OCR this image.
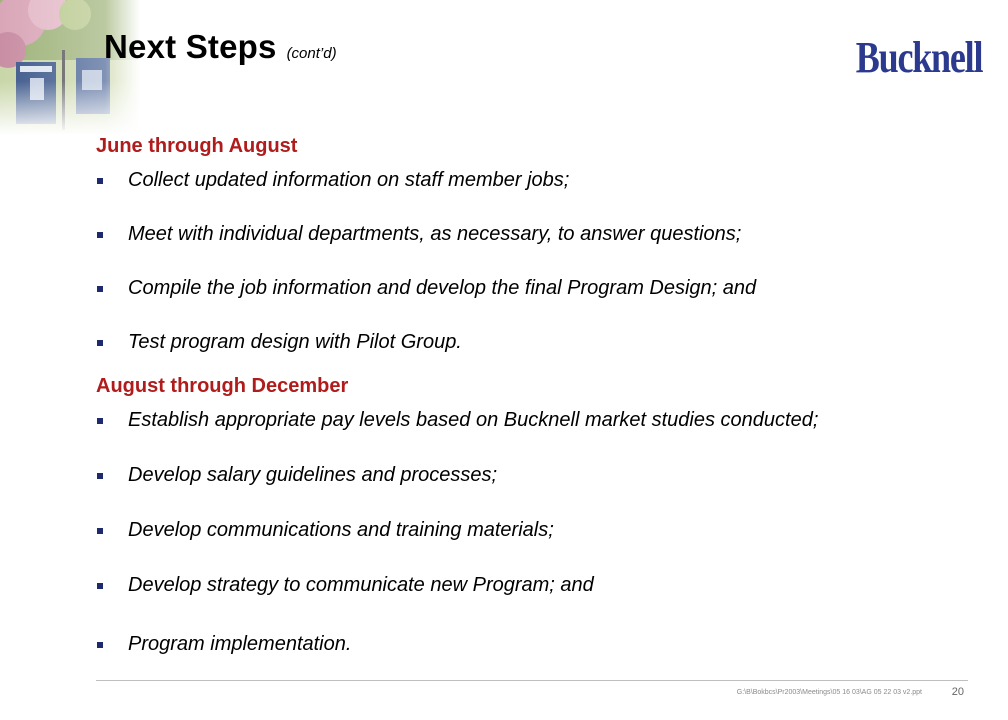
Next Steps (cont’d)	Bucknell
June through August
Collect updated information on staff member jobs;
Meet with individual departments, as necessary, to answer questions;
Compile the job information and develop the final Program Design; and
Test program design with Pilot Group.
August through December
Establish appropriate pay levels based on Bucknell market studies conducted;
Develop salary guidelines and processes;
Develop communications and training materials;
Develop strategy to communicate new Program; and
Program implementation.
G:\B\Bokbcs\Pr2003\Meetings\05 16 03\AG 05 22 03 v2.ppt	20
